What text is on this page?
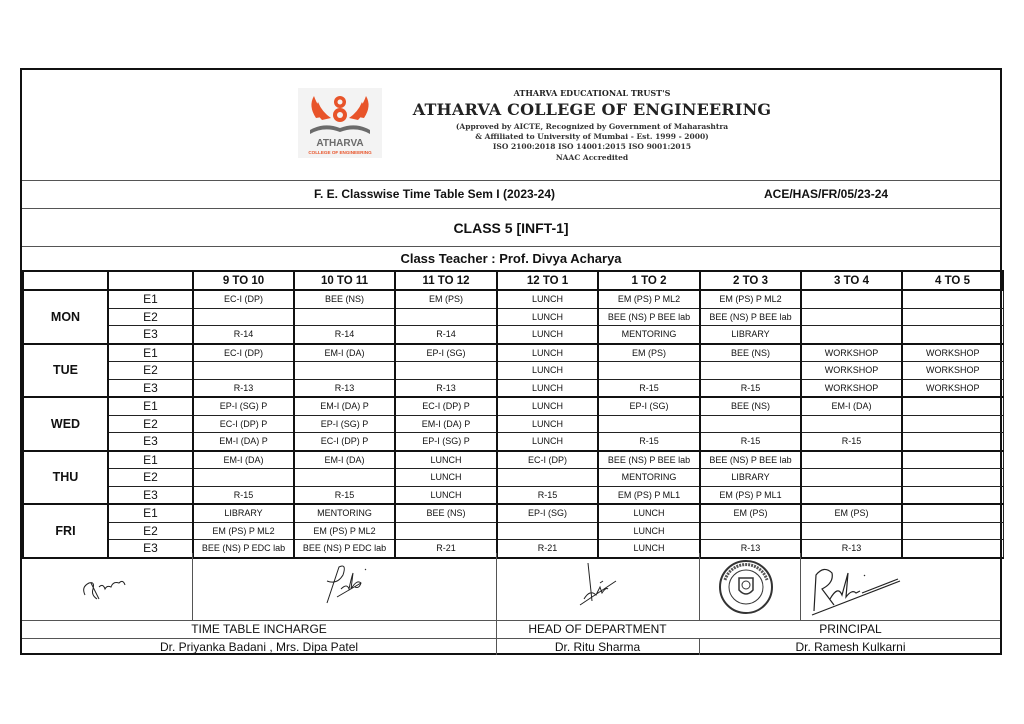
ATHARVA
COLLEGE OF ENGINEERING
ATHARVA EDUCATIONAL TRUST'S
ATHARVA COLLEGE OF ENGINEERING
(Approved by AICTE, Recognized by Government of Maharashtra
& Affiliated to University of Mumbai - Est. 1999 - 2000)
ISO 2100:2018 ISO 14001:2015 ISO 9001:2015
NAAC Accredited
F. E. Classwise Time Table Sem I (2023-24)	ACE/HAS/FR/05/23-24
CLASS 5 [INFT-1]
Class Teacher : Prof. Divya Acharya
		9 TO 10	10 TO 11	11 TO 12	12 TO 1	1 TO 2	2 TO 3	3 TO 4	4 TO 5
MON	E1	EC-I (DP)	BEE (NS)	EM (PS)	LUNCH	EM (PS) P ML2	EM (PS) P ML2		
	E2				LUNCH	BEE (NS) P BEE lab	BEE (NS) P BEE lab		
	E3	R-14	R-14	R-14	LUNCH	MENTORING	LIBRARY		
TUE	E1	EC-I (DP)	EM-I (DA)	EP-I (SG)	LUNCH	EM (PS)	BEE (NS)	WORKSHOP	WORKSHOP
	E2				LUNCH			WORKSHOP	WORKSHOP
	E3	R-13	R-13	R-13	LUNCH	R-15	R-15	WORKSHOP	WORKSHOP
WED	E1	EP-I (SG) P	EM-I (DA) P	EC-I (DP) P	LUNCH	EP-I (SG)	BEE (NS)	EM-I (DA)	
	E2	EC-I (DP) P	EP-I (SG) P	EM-I (DA) P	LUNCH				
	E3	EM-I (DA) P	EC-I (DP) P	EP-I (SG) P	LUNCH	R-15	R-15	R-15	
THU	E1	EM-I (DA)	EM-I (DA)	LUNCH	EC-I (DP)	BEE (NS) P BEE lab	BEE (NS) P BEE lab		
	E2			LUNCH		MENTORING	LIBRARY		
	E3	R-15	R-15	LUNCH	R-15	EM (PS) P ML1	EM (PS) P ML1		
FRI	E1	LIBRARY	MENTORING	BEE (NS)	EP-I (SG)	LUNCH	EM (PS)	EM (PS)	
	E2	EM (PS) P ML2	EM (PS) P ML2			LUNCH			
	E3	BEE (NS) P EDC lab	BEE (NS) P EDC lab	R-21	R-21	LUNCH	R-13	R-13	
TIME TABLE INCHARGE	HEAD OF DEPARTMENT	PRINCIPAL
Dr. Priyanka Badani , Mrs. Dipa Patel	Dr. Ritu Sharma	Dr. Ramesh Kulkarni
